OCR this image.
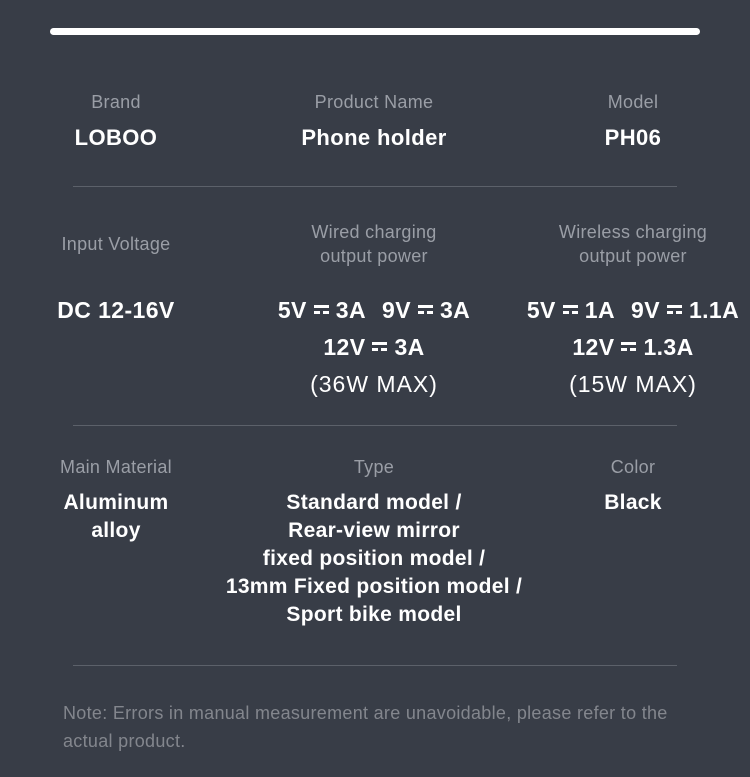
Brand
LOBOO
Product Name
Phone holder
Model
PH06
Input Voltage
DC 12-16V
Wired charging
output power
5V 3A 9V 3A
12V 3A
(36W MAX)
Wireless charging
output power
5V 1A 9V 1.1A
12V 1.3A
(15W MAX)
Main Material
Aluminum
alloy
Type
Standard model /
Rear-view mirror
fixed position model /
13mm Fixed position model /
Sport bike model
Color
Black
Note: Errors in manual measurement are unavoidable, please refer to the actual product.
